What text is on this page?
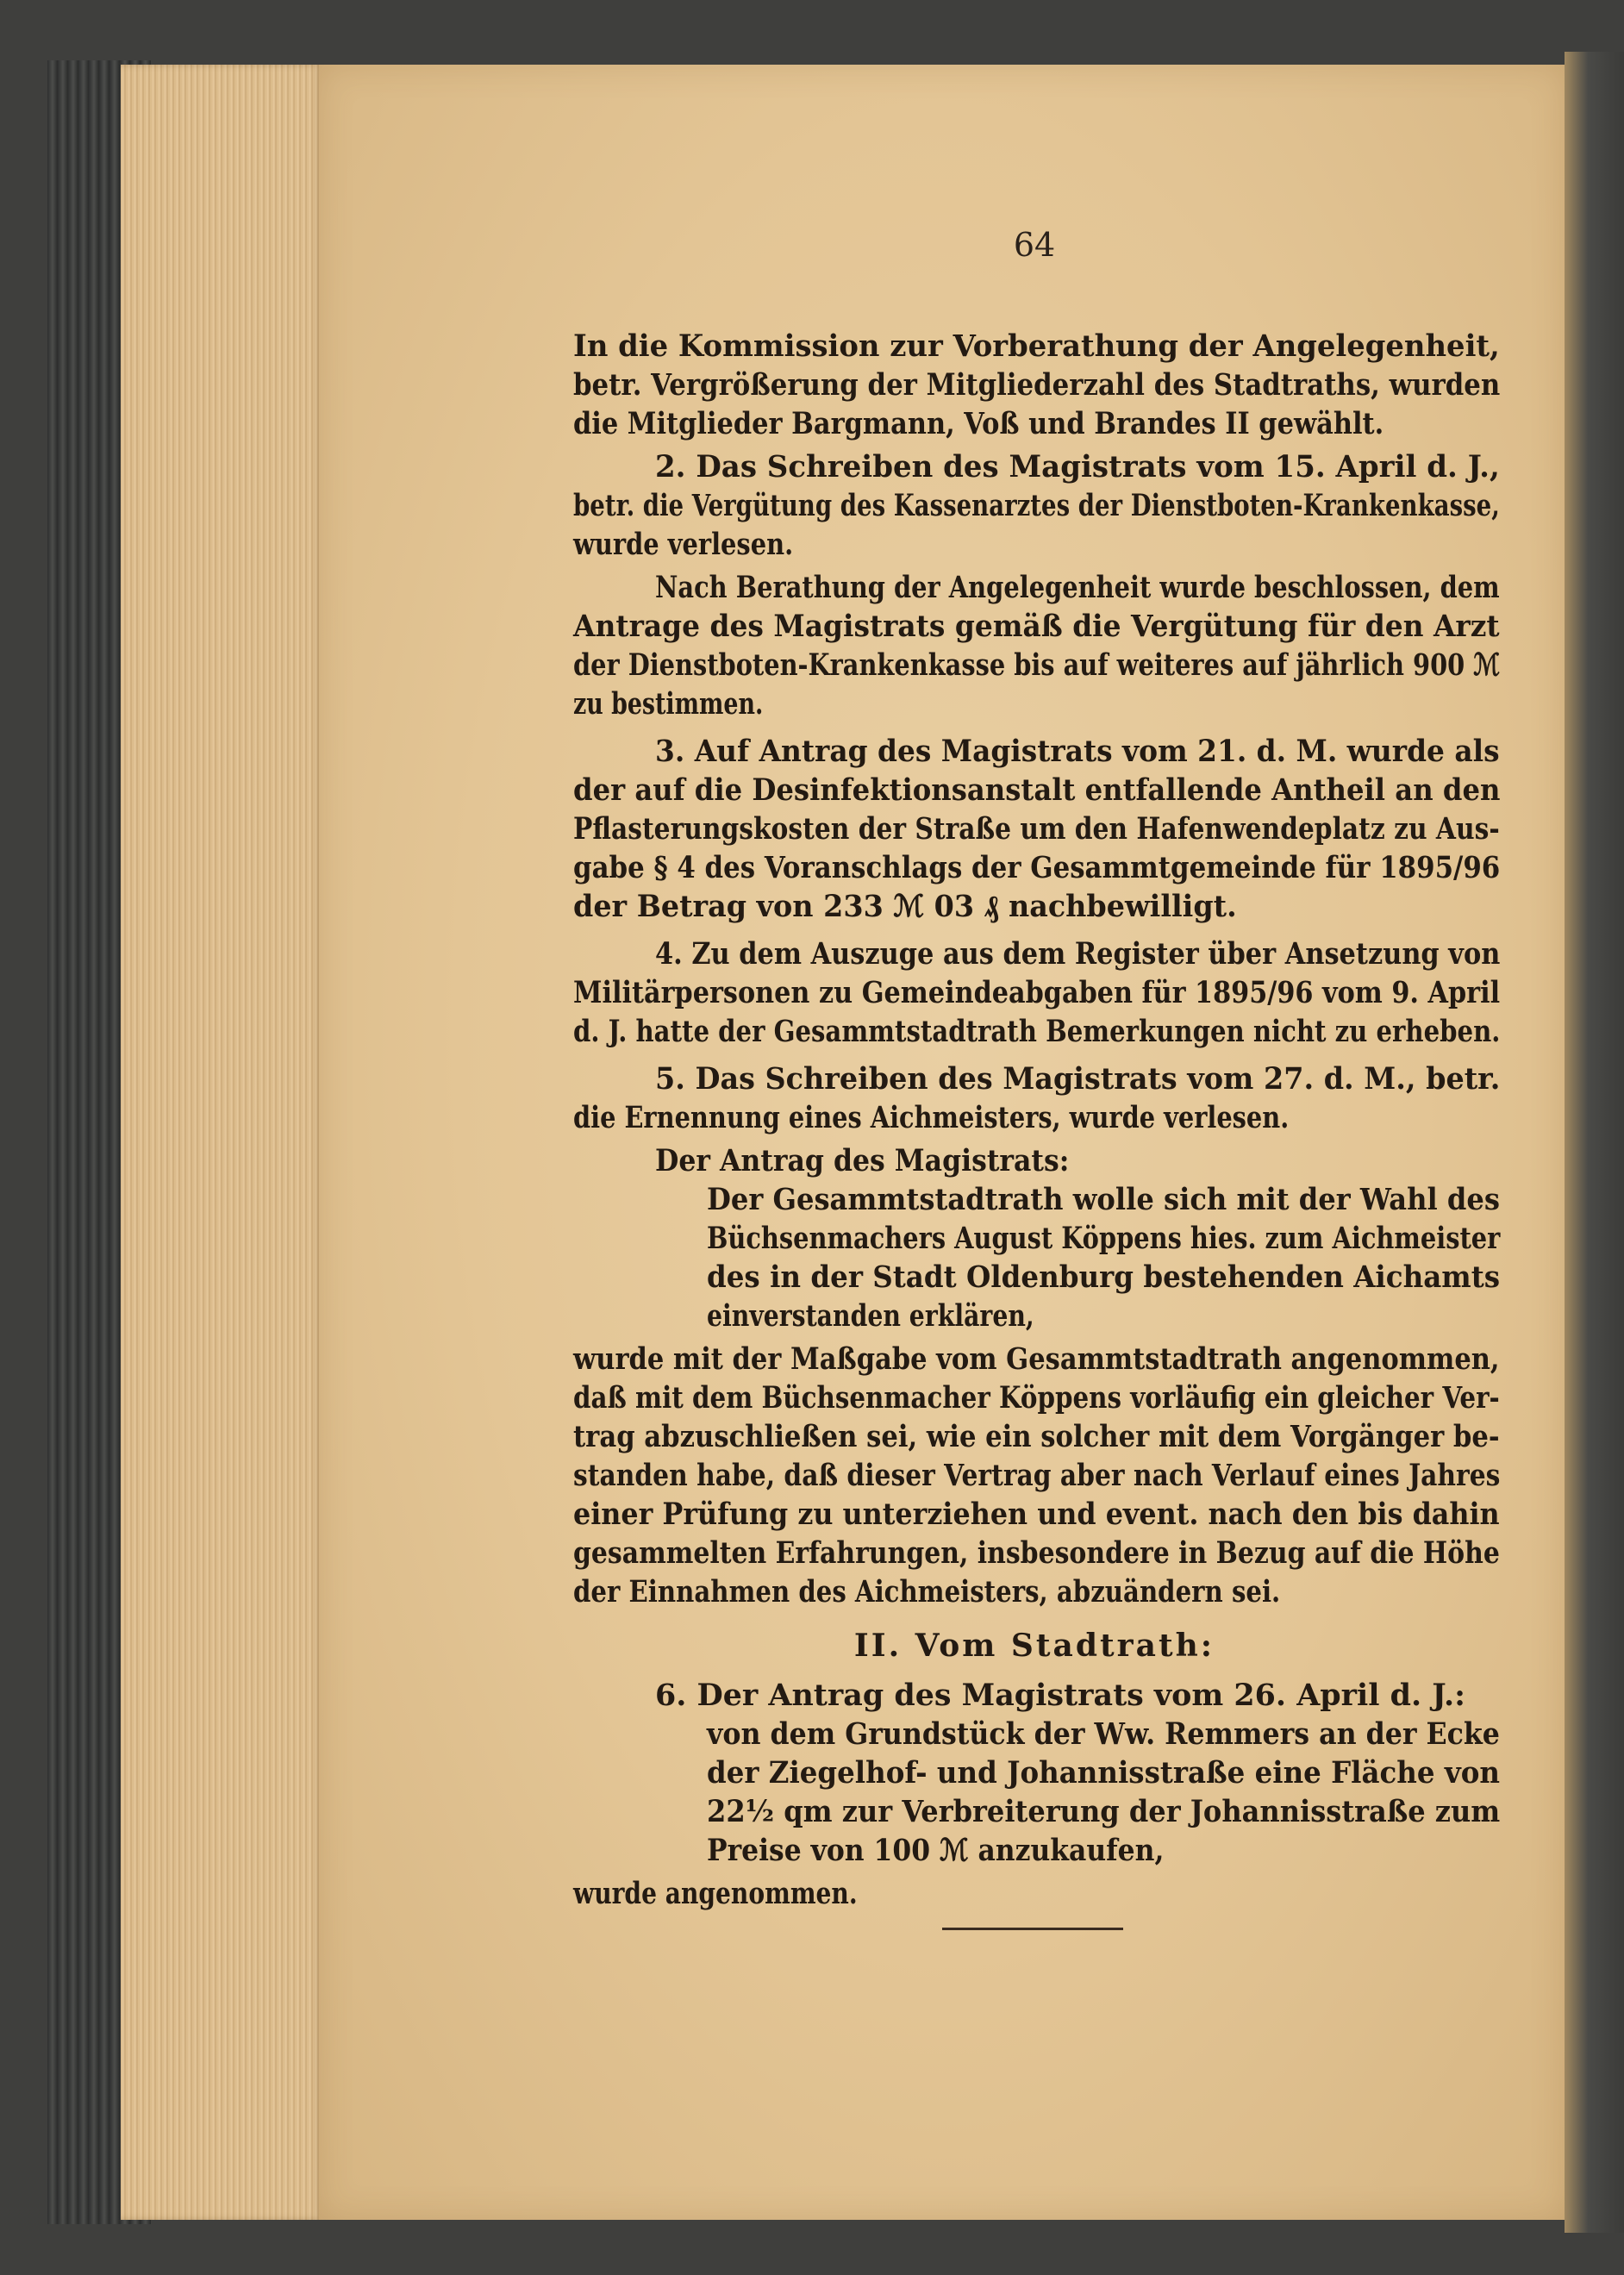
64
In die Kommission zur Vorberathung der Angelegenheit,
betr. Vergrößerung der Mitgliederzahl des Stadtraths, wurden
die Mitglieder Bargmann, Voß und Brandes II gewählt.
2. Das Schreiben des Magistrats vom 15. April d. J.,
betr. die Vergütung des Kassenarztes der Dienstboten-Krankenkasse,
wurde verlesen.
Nach Berathung der Angelegenheit wurde beschlossen, dem
Antrage des Magistrats gemäß die Vergütung für den Arzt
der Dienstboten-Krankenkasse bis auf weiteres auf jährlich 900 ℳ
zu bestimmen.
3. Auf Antrag des Magistrats vom 21. d. M. wurde als
der auf die Desinfektionsanstalt entfallende Antheil an den
Pflasterungskosten der Straße um den Hafenwendeplatz zu Aus-
gabe § 4 des Voranschlags der Gesammtgemeinde für 1895/96
der Betrag von 233 ℳ 03 ₰ nachbewilligt.
4. Zu dem Auszuge aus dem Register über Ansetzung von
Militärpersonen zu Gemeindeabgaben für 1895/96 vom 9. April
d. J. hatte der Gesammtstadtrath Bemerkungen nicht zu erheben.
5. Das Schreiben des Magistrats vom 27. d. M., betr.
die Ernennung eines Aichmeisters, wurde verlesen.
Der Antrag des Magistrats:
Der Gesammtstadtrath wolle sich mit der Wahl des
Büchsenmachers August Köppens hies. zum Aichmeister
des in der Stadt Oldenburg bestehenden Aichamts
einverstanden erklären,
wurde mit der Maßgabe vom Gesammtstadtrath angenommen,
daß mit dem Büchsenmacher Köppens vorläufig ein gleicher Ver-
trag abzuschließen sei, wie ein solcher mit dem Vorgänger be-
standen habe, daß dieser Vertrag aber nach Verlauf eines Jahres
einer Prüfung zu unterziehen und event. nach den bis dahin
gesammelten Erfahrungen, insbesondere in Bezug auf die Höhe
der Einnahmen des Aichmeisters, abzuändern sei.
6. Der Antrag des Magistrats vom 26. April d. J.:
von dem Grundstück der Ww. Remmers an der Ecke
der Ziegelhof- und Johannisstraße eine Fläche von
22½ qm zur Verbreiterung der Johannisstraße zum
Preise von 100 ℳ anzukaufen,
wurde angenommen.
II. Vom Stadtrath:
